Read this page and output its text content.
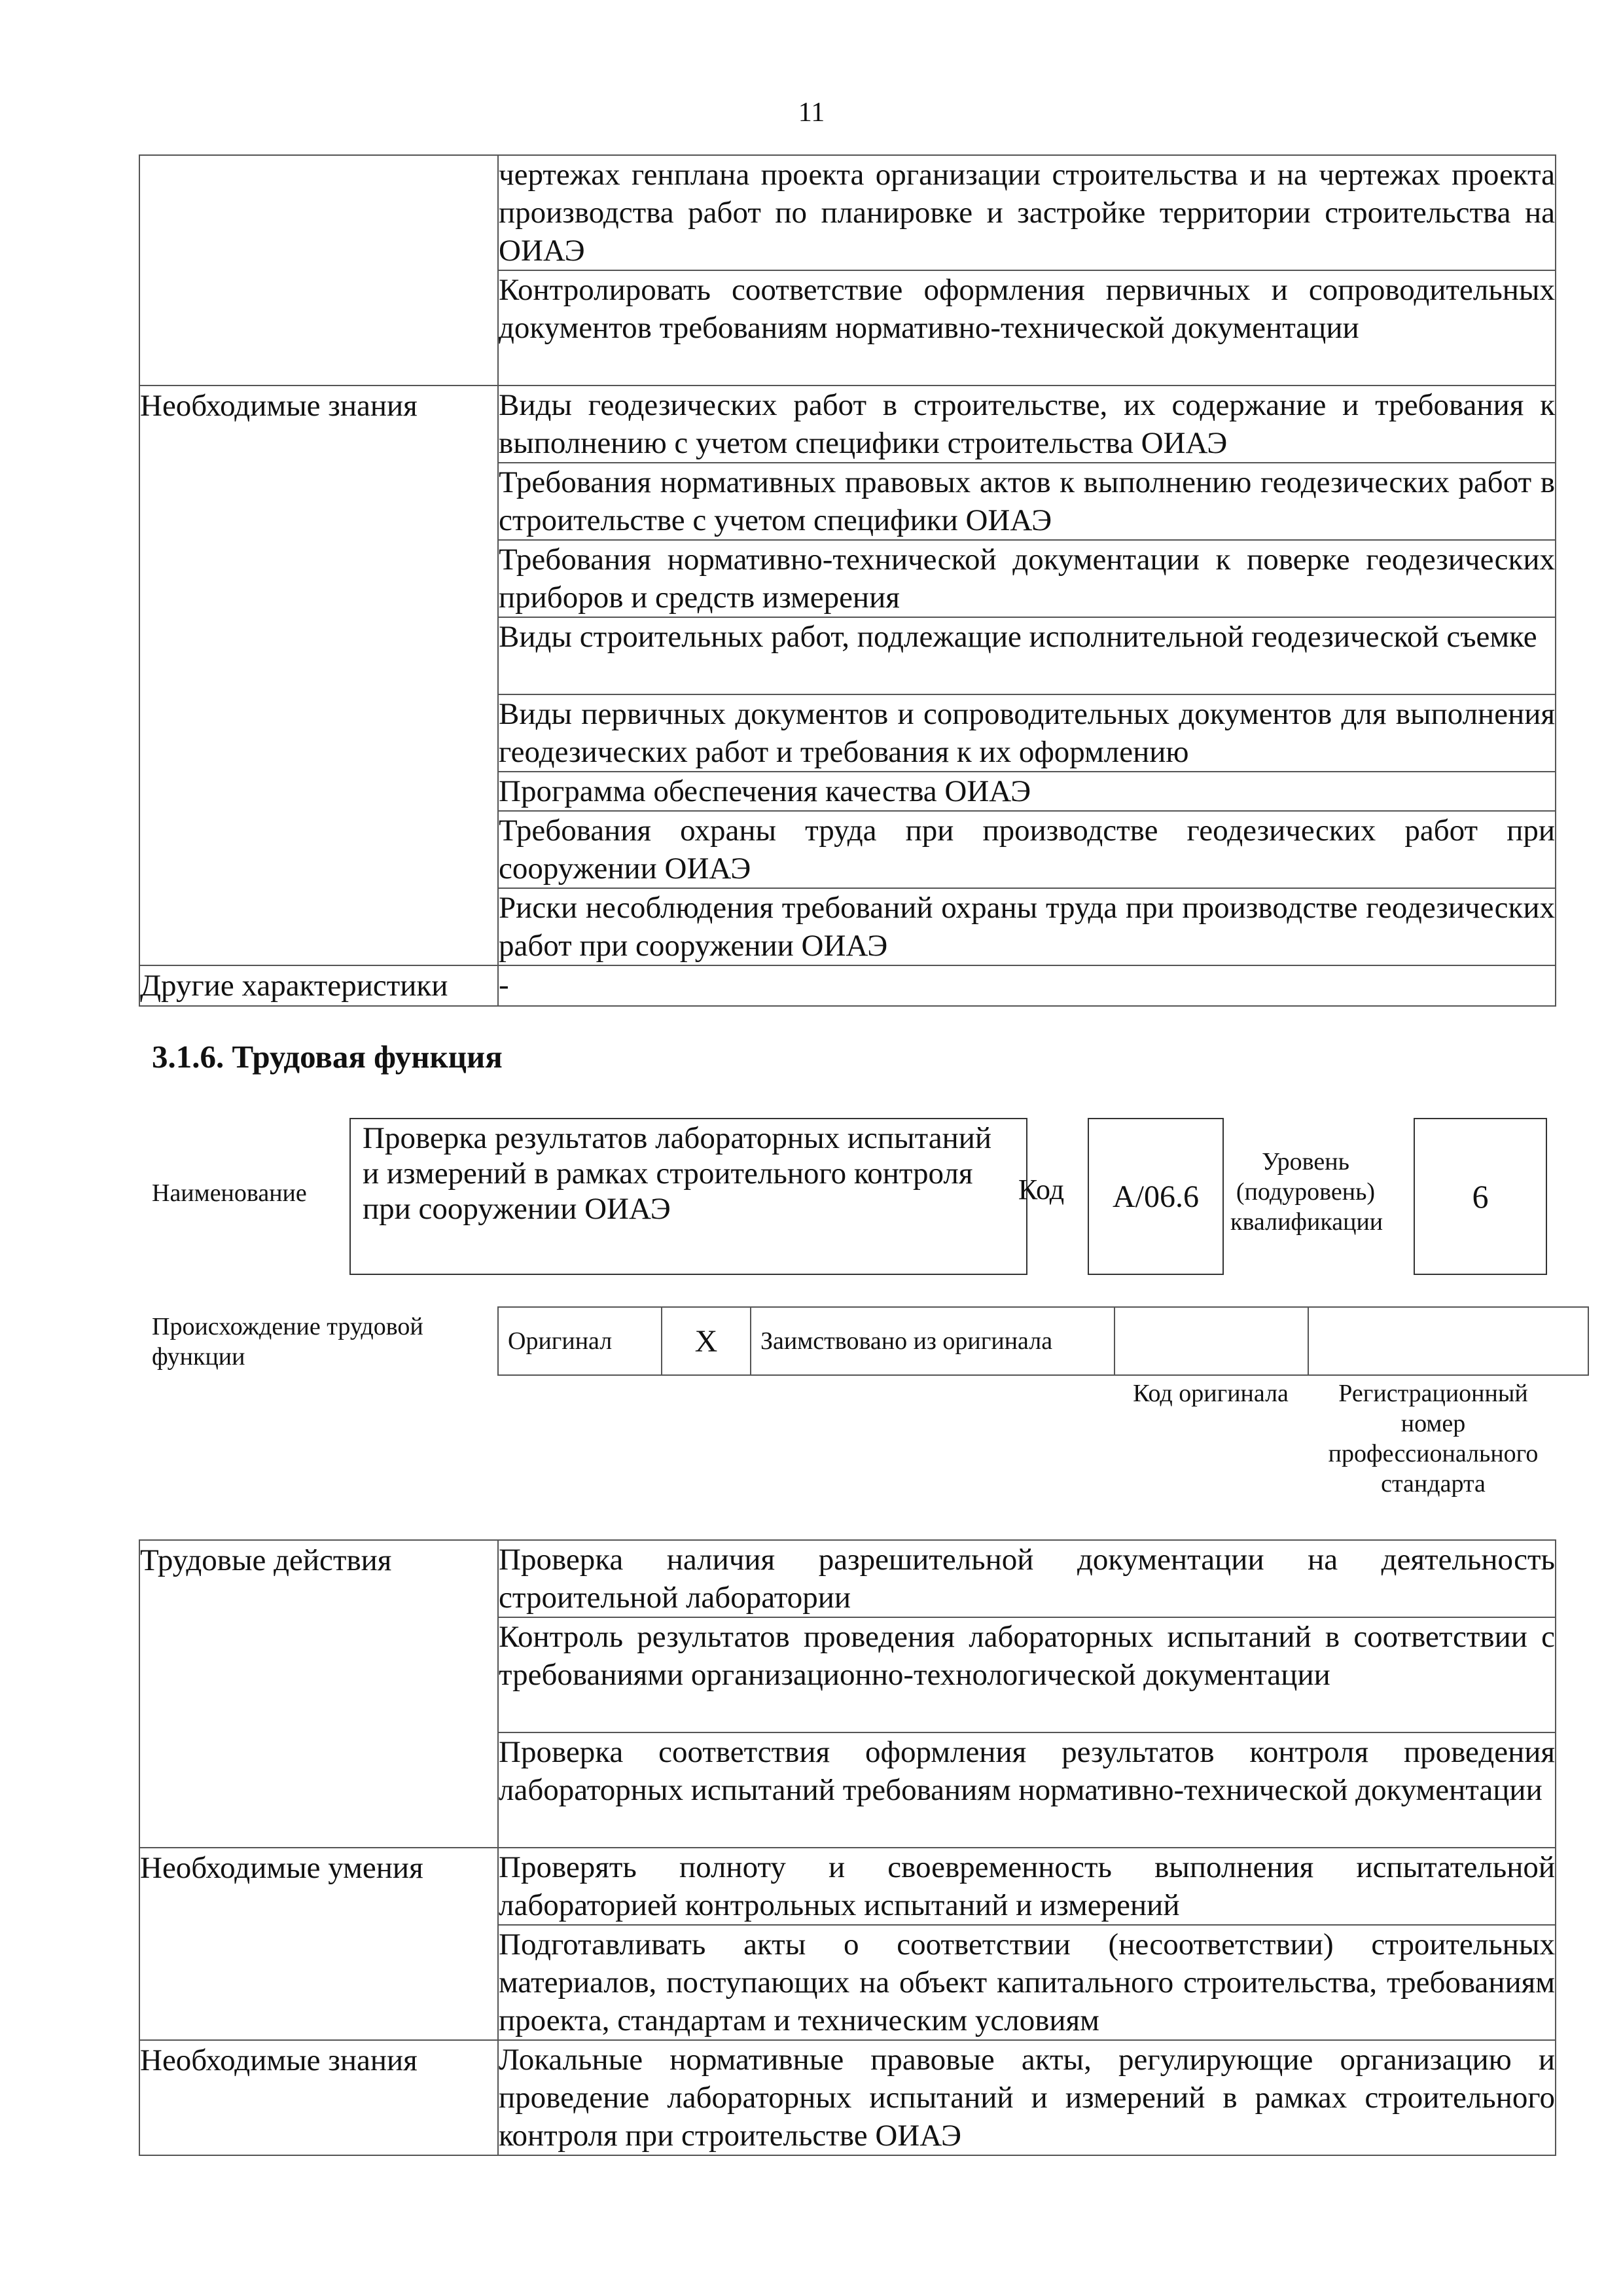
11
	чертежах генплана проекта организации строительства и на чертежах проекта производства работ по планировке и застройке территории строительства на ОИАЭ
	Контролировать соответствие оформления первичных и сопроводительных документов требованиям нормативно-технической документации
Необходимые знания	Виды геодезических работ в строительстве, их содержание и требования к выполнению с учетом специфики строительства ОИАЭ
	Требования нормативных правовых актов к выполнению геодезических работ в строительстве с учетом специфики ОИАЭ
	Требования нормативно-технической документации к поверке геодезических приборов и средств измерения
	Виды строительных работ, подлежащие исполнительной геодезической съемке
	Виды первичных документов и сопроводительных документов для выполнения геодезических работ и требования к их оформлению
	Программа обеспечения качества ОИАЭ
	Требования охраны труда при производстве геодезических работ при сооружении ОИАЭ
	Риски несоблюдения требований охраны труда при производстве геодезических работ при сооружении ОИАЭ
Другие характеристики	-
3.1.6. Трудовая функция
Наименование
Проверка результатов лабораторных испытаний и измерений в рамках строительного контроля при сооружении ОИАЭ
Код	А/06.6
Уровень (подуровень) квалификации
6
Происхождение трудовой функции
Оригинал	X	Заимствовано из оригинала		
Код оригинала	Регистрационный номер профессионального стандарта
Трудовые действия	Проверка наличия разрешительной документации на деятельность строительной лаборатории
	Контроль результатов проведения лабораторных испытаний в соответствии с требованиями организационно-технологической документации
	Проверка соответствия оформления результатов контроля проведения лабораторных испытаний требованиям нормативно-технической документации
Необходимые умения	Проверять полноту и своевременность выполнения испытательной лабораторией контрольных испытаний и измерений
	Подготавливать акты о соответствии (несоответствии) строительных материалов, поступающих на объект капитального строительства, требованиям проекта, стандартам и техническим условиям
Необходимые знания	Локальные нормативные правовые акты, регулирующие организацию и проведение лабораторных испытаний и измерений в рамках строительного контроля при строительстве ОИАЭ
